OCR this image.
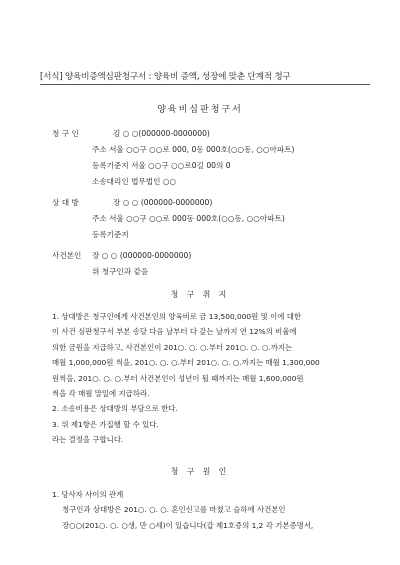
[서식] 양육비증액심판청구서 : 양육비 증액, 성장에 맞춘 단계적 청구
양육비심판청구서
청 구 인	김 ○ ○(000000-0000000)
주소 서울 ○○구 ○○로 000, 0동 000호(○○동, ○○아파트)
등록기준지 서울 ○○구 ○○로0길 00의 0
소송대리인 법무법인 ○○
상 대 방	장 ○ ○ (000000-0000000)
주소 서울 ○○구 ○○로 000동 000호(○○동, ○○아파트)
등록기준지
사건본인 장 ○ ○ (000000-0000000)
위 청구인과 같음
청 구 취 지
1. 상대방은 청구인에게 사건본인의 양육비로 금 13,500,000원 및 이에 대한
이 사건 심판청구서 부본 송달 다음 날부터 다 갚는 날까지 연 12%의 비율에
의한 금원을 지급하고, 사건본인이 201○. ○. ○.부터 201○. ○. ○.까지는
매월 1,000,000원 씩을, 201○. ○. ○.부터 201○. ○. ○.까지는 매월 1,300,000
원씩을, 201○. ○. ○.부터 사건본인이 성년이 될 때까지는 매월 1,600,000원
씩을 각 매월 말일에 지급하라.
2. 소송비용은 상대방의 부담으로 한다.
3. 위 제1항은 가집행 할 수 있다.
라는 결정을 구합니다.
청 구 원 인
1. 당사자 사이의 관계
청구인과 상대방은 201○. ○. ○. 혼인신고를 마쳤고 슬하에 사건본인
장○○(201○. ○. ○생, 만 ○세)이 있습니다(갑 제1호증의 1,2 각 기본증명서,
